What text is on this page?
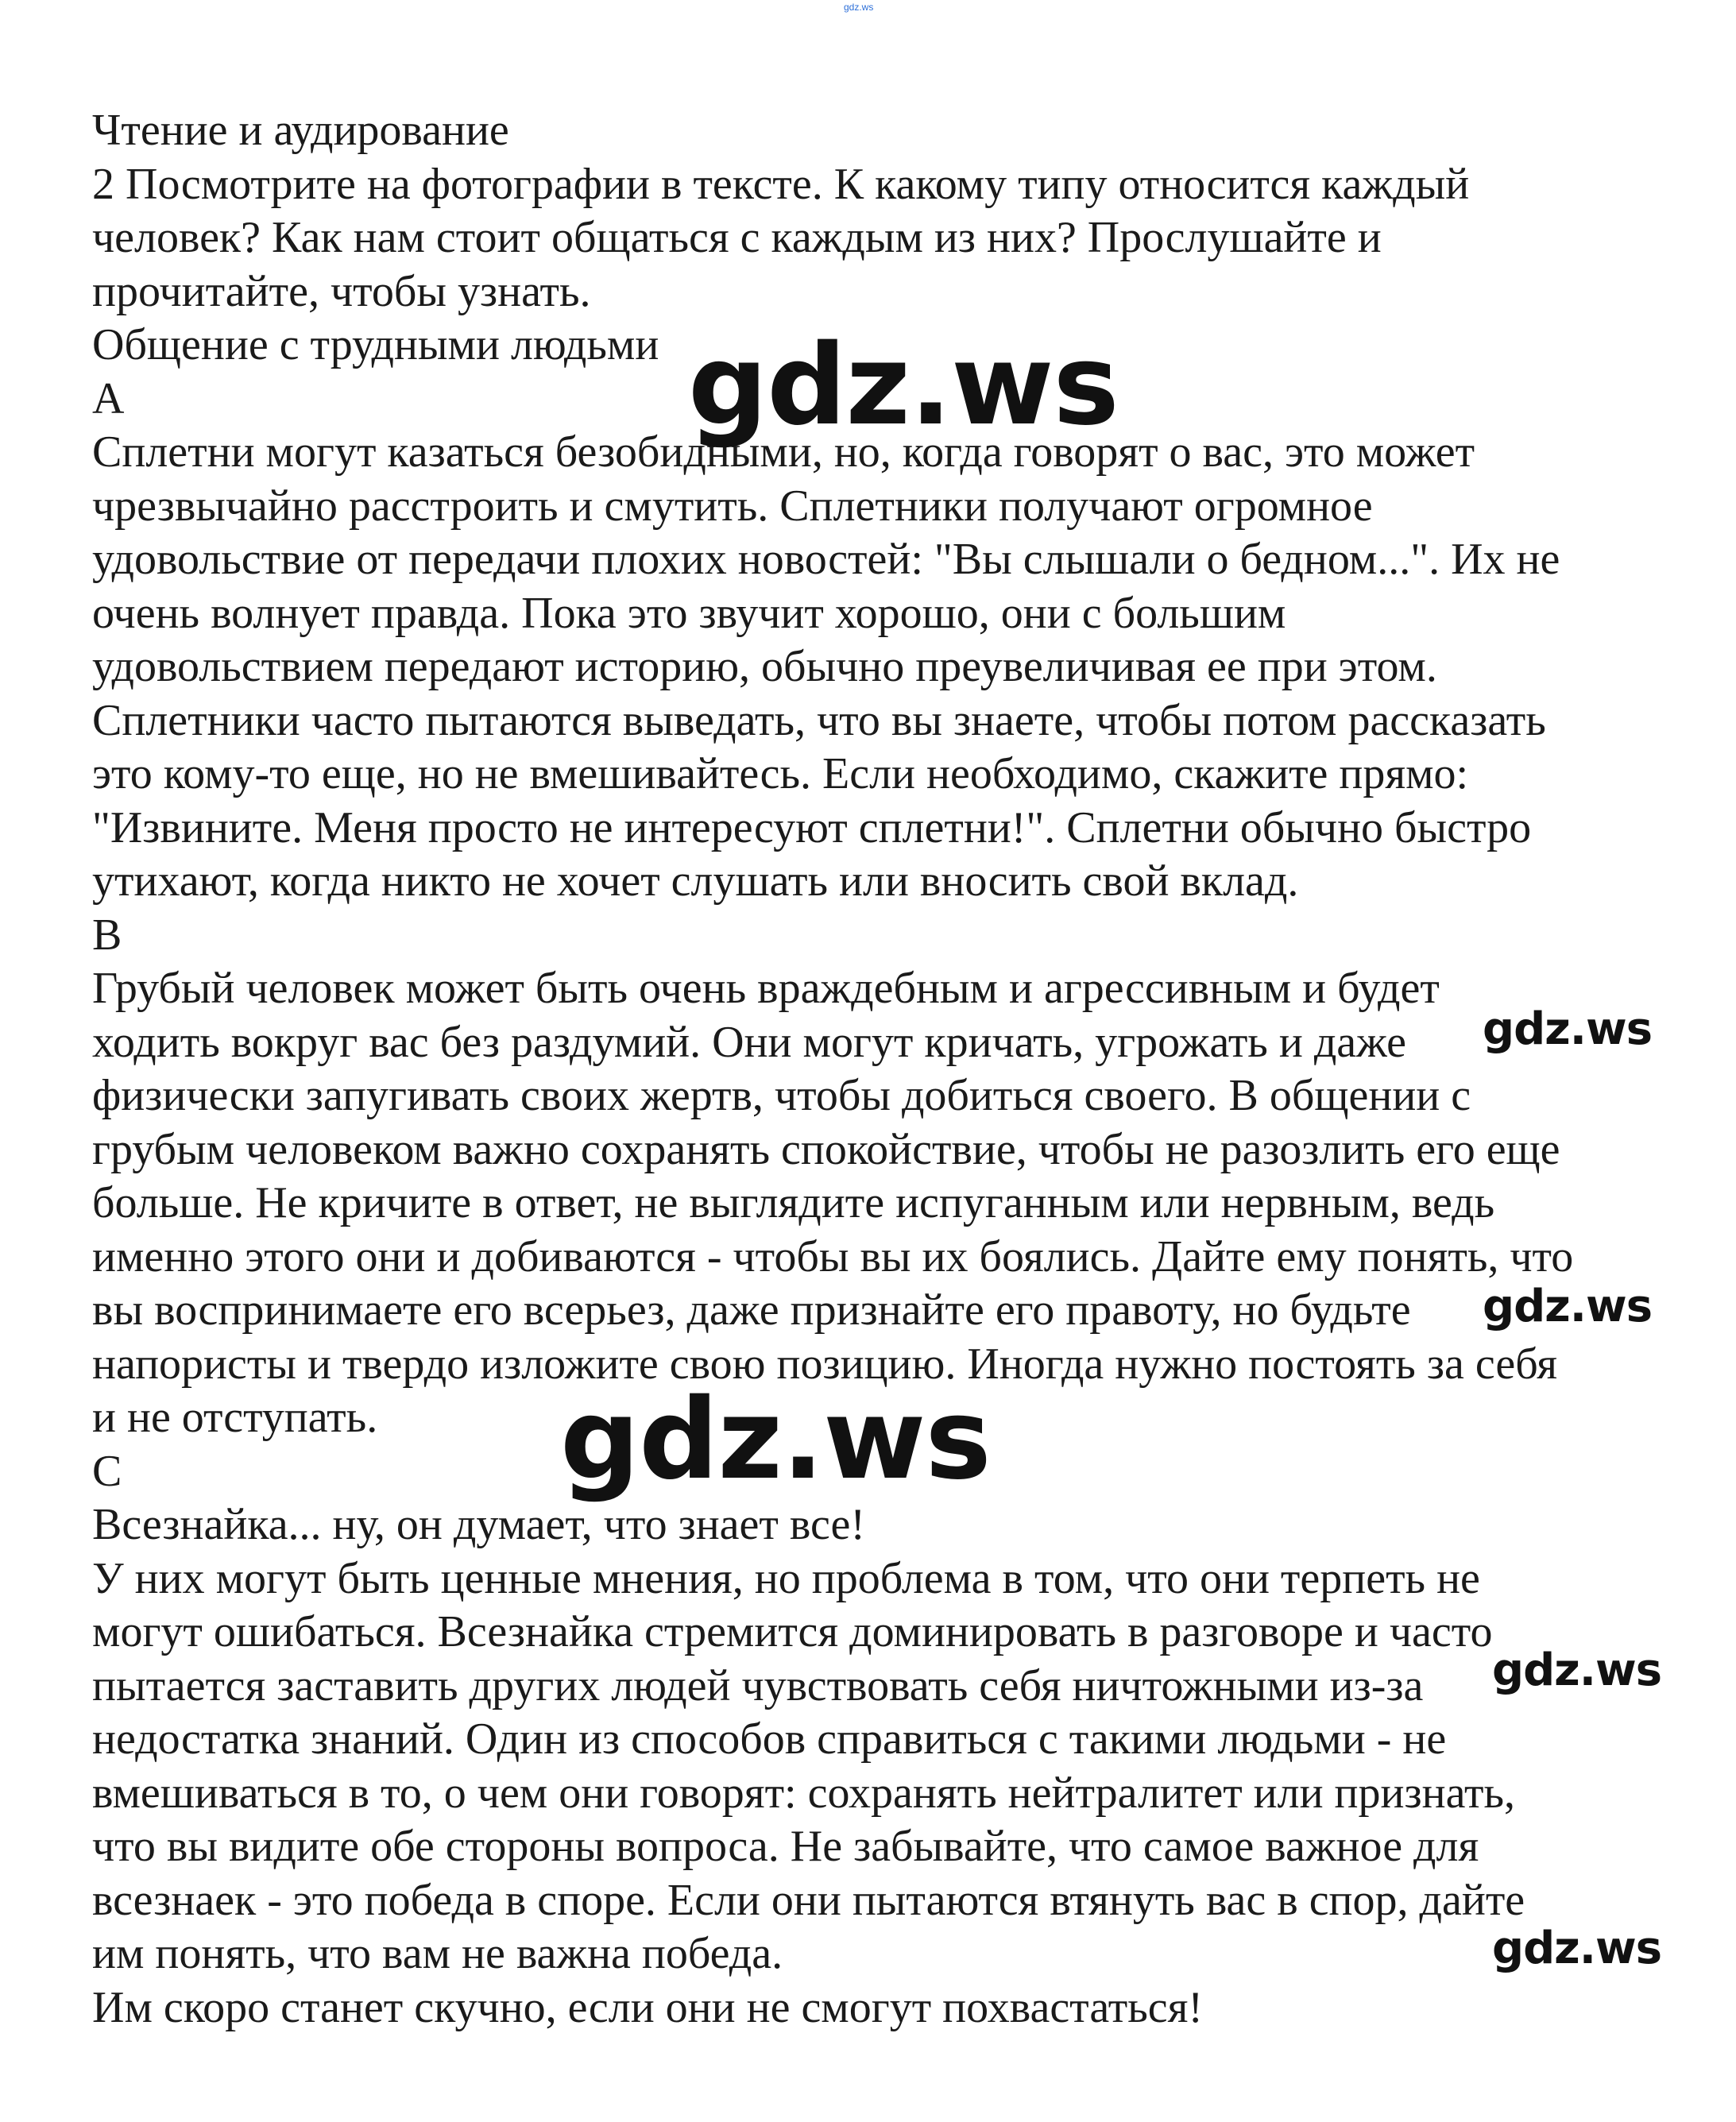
gdz.ws
Чтение и аудирование
2 Посмотрите на фотографии в тексте. К какому типу относится каждый
человек? Как нам стоит общаться с каждым из них? Прослушайте и
прочитайте, чтобы узнать.
Общение с трудными людьми
A
Сплетни могут казаться безобидными, но, когда говорят о вас, это может
чрезвычайно расстроить и смутить. Сплетники получают огромное
удовольствие от передачи плохих новостей: "Вы слышали о бедном...". Их не
очень волнует правда. Пока это звучит хорошо, они с большим
удовольствием передают историю, обычно преувеличивая ее при этом.
Сплетники часто пытаются выведать, что вы знаете, чтобы потом рассказать
это кому-то еще, но не вмешивайтесь. Если необходимо, скажите прямо:
"Извините. Меня просто не интересуют сплетни!". Сплетни обычно быстро
утихают, когда никто не хочет слушать или вносить свой вклад.
B
Грубый человек может быть очень враждебным и агрессивным и будет
ходить вокруг вас без раздумий. Они могут кричать, угрожать и даже
физически запугивать своих жертв, чтобы добиться своего. В общении с
грубым человеком важно сохранять спокойствие, чтобы не разозлить его еще
больше. Не кричите в ответ, не выглядите испуганным или нервным, ведь
именно этого они и добиваются - чтобы вы их боялись. Дайте ему понять, что
вы воспринимаете его всерьез, даже признайте его правоту, но будьте
напористы и твердо изложите свою позицию. Иногда нужно постоять за себя
и не отступать.
C
Всезнайка... ну, он думает, что знает все!
У них могут быть ценные мнения, но проблема в том, что они терпеть не
могут ошибаться. Всезнайка стремится доминировать в разговоре и часто
пытается заставить других людей чувствовать себя ничтожными из-за
недостатка знаний. Один из способов справиться с такими людьми - не
вмешиваться в то, о чем они говорят: сохранять нейтралитет или признать,
что вы видите обе стороны вопроса. Не забывайте, что самое важное для
всезнаек - это победа в споре. Если они пытаются втянуть вас в спор, дайте
им понять, что вам не важна победа.
Им скоро станет скучно, если они не смогут похвастаться!
gdz.ws
gdz.ws
gdz.ws
gdz.ws
gdz.ws
gdz.ws
